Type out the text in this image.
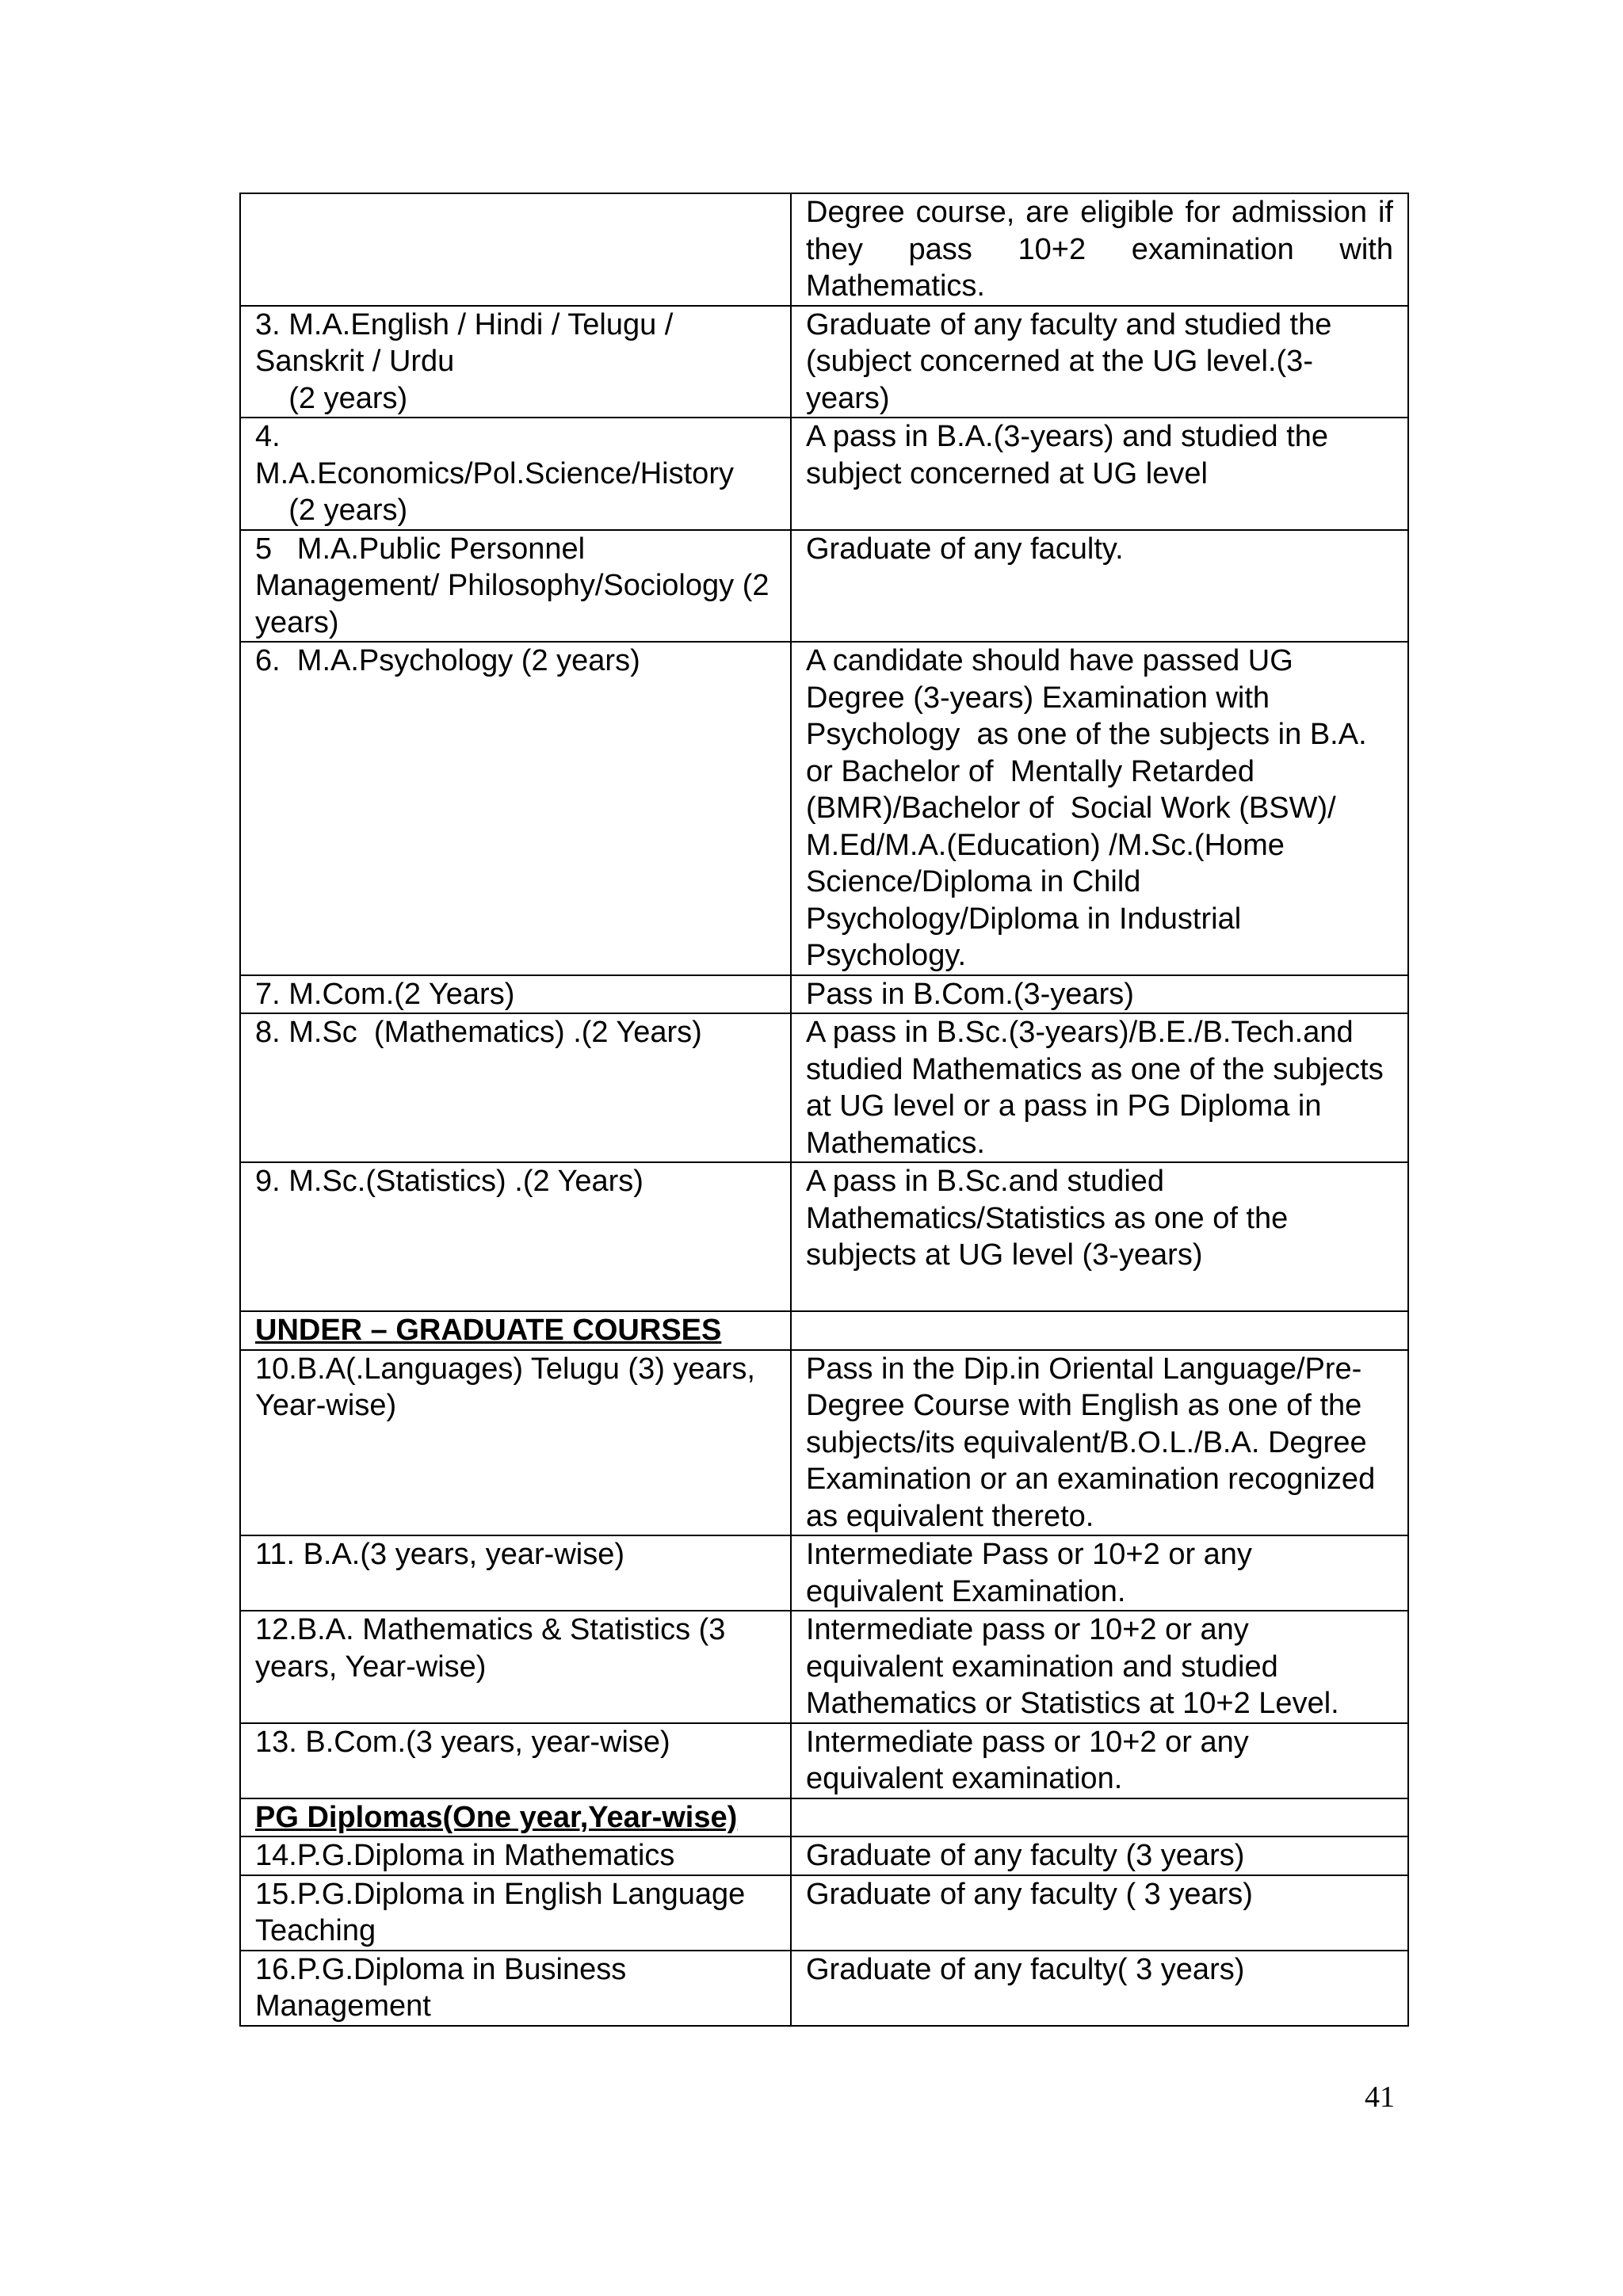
	Degree course, are eligible for admission if they pass 10+2 examination with Mathematics.
3. M.A.English / Hindi / Telugu / Sanskrit / Urdu
(2 years)	Graduate of any faculty and studied the (subject concerned at the UG level.(3-years)
4.
M.A.Economics/Pol.Science/History
(2 years)	A pass in B.A.(3-years) and studied the subject concerned at UG level
5   M.A.Public Personnel Management/ Philosophy/Sociology (2 years)	Graduate of any faculty.
6.  M.A.Psychology (2 years)	A candidate should have passed UG Degree (3-years) Examination with Psychology  as one of the subjects in B.A. or Bachelor of  Mentally Retarded (BMR)/Bachelor of  Social Work (BSW)/ M.Ed/M.A.(Education) /M.Sc.(Home Science/Diploma in Child Psychology/Diploma in Industrial Psychology.
7. M.Com.(2 Years)	Pass in B.Com.(3-years)
8. M.Sc  (Mathematics) .(2 Years)	A pass in B.Sc.(3-years)/B.E./B.Tech.and studied Mathematics as one of the subjects at UG level or a pass in PG Diploma in Mathematics.
9. M.Sc.(Statistics) .(2 Years)	A pass in B.Sc.and studied Mathematics/Statistics as one of the subjects at UG level (3-years)

UNDER – GRADUATE COURSES	
10.B.A(.Languages) Telugu (3) years, Year-wise)	Pass in the Dip.in Oriental Language/Pre-Degree Course with English as one of the subjects/its equivalent/B.O.L./B.A. Degree Examination or an examination recognized as equivalent thereto.
11. B.A.(3 years, year-wise)	Intermediate Pass or 10+2 or any equivalent Examination.
12.B.A. Mathematics & Statistics (3 years, Year-wise)	Intermediate pass or 10+2 or any equivalent examination and studied Mathematics or Statistics at 10+2 Level.
13. B.Com.(3 years, year-wise)	Intermediate pass or 10+2 or any equivalent examination.
PG Diplomas(One year,Year-wise)	
14.P.G.Diploma in Mathematics	Graduate of any faculty (3 years)
15.P.G.Diploma in English Language Teaching	Graduate of any faculty ( 3 years)
16.P.G.Diploma in Business Management	Graduate of any faculty( 3 years)
41
